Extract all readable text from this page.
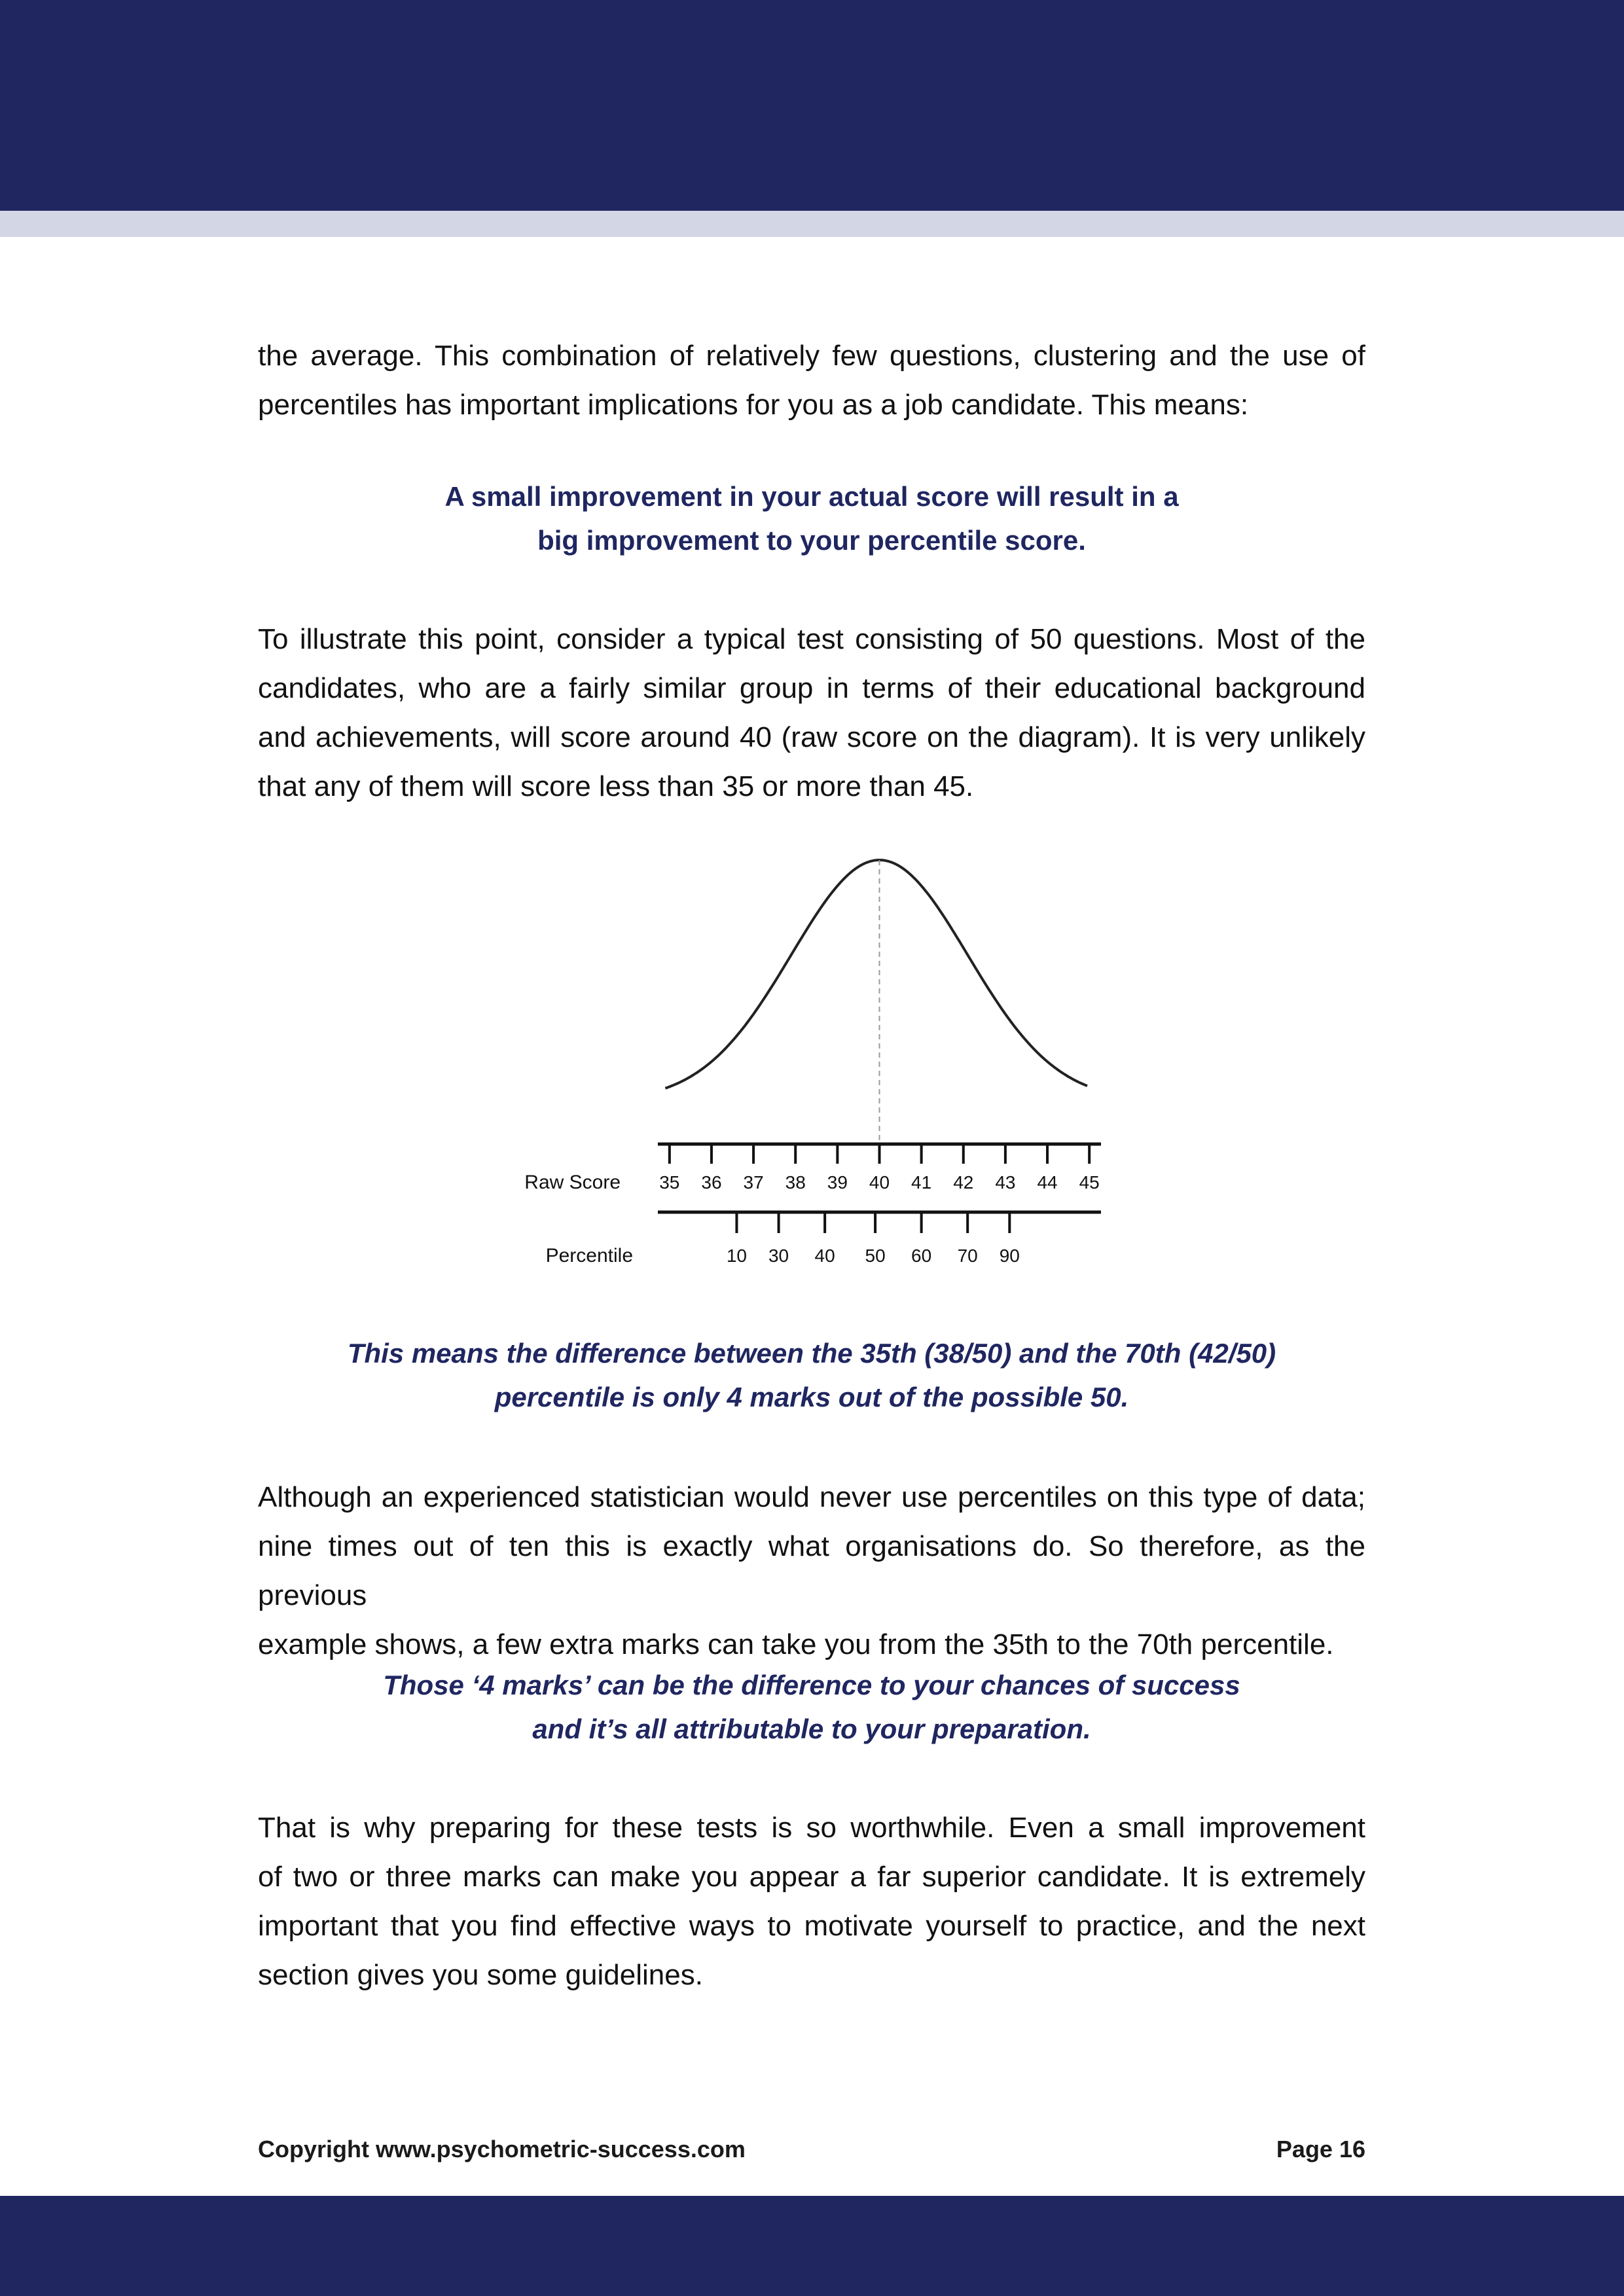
the average. This combination of relatively few questions, clustering and the use of
percentiles has important implications for you as a job candidate. This means:
A small improvement in your actual score will result in a
big improvement to your percentile score.
To illustrate this point, consider a typical test consisting of 50 questions. Most of the
candidates, who are a fairly similar group in terms of their educational background
and achievements, will score around 40 (raw score on the diagram). It is very unlikely
that any of them will score less than 35 or more than 45.
35 36 37 38 39 40 41 42 43 44 45
Raw Score
10 30 40 50 60 70 90
Percentile
This means the difference between the 35th (38/50) and the 70th (42/50)
percentile is only 4 marks out of the possible 50.
Although an experienced statistician would never use percentiles on this type of data;
nine times out of ten this is exactly what organisations do. So therefore, as the previous
example shows, a few extra marks can take you from the 35th to the 70th percentile.
Those ‘4 marks’ can be the difference to your chances of success
and it’s all attributable to your preparation.
That is why preparing for these tests is so worthwhile. Even a small improvement
of two or three marks can make you appear a far superior candidate. It is extremely
important that you find effective ways to motivate yourself to practice, and the next
section gives you some guidelines.
Copyright www.psychometric-success.com	Page 16
